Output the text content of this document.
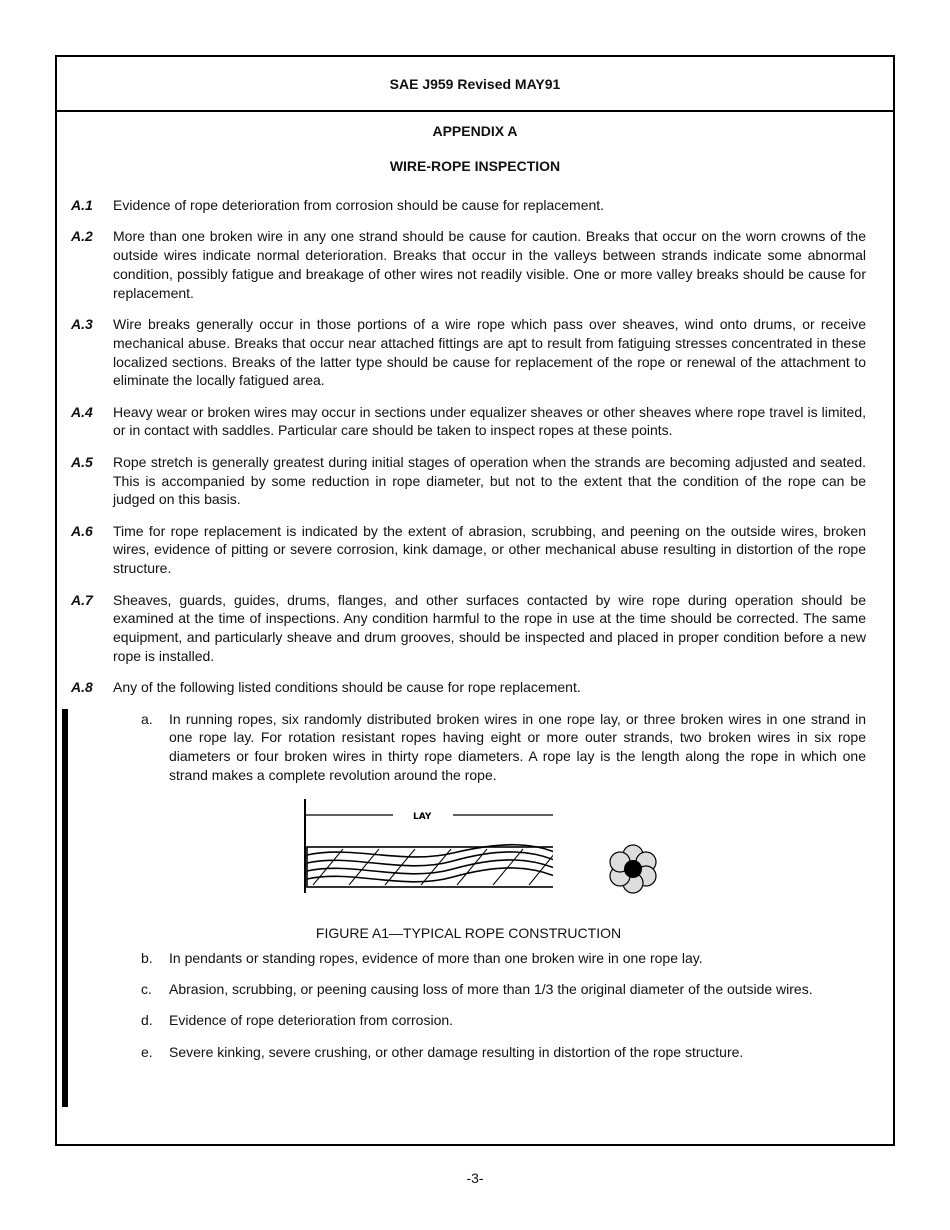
SAE J959 Revised MAY91
APPENDIX A
WIRE-ROPE INSPECTION
A.1	Evidence of rope deterioration from corrosion should be cause for replacement.
A.2	More than one broken wire in any one strand should be cause for caution. Breaks that occur on the worn crowns of the outside wires indicate normal deterioration. Breaks that occur in the valleys between strands indicate some abnormal condition, possibly fatigue and breakage of other wires not readily visible. One or more valley breaks should be cause for replacement.
A.3	Wire breaks generally occur in those portions of a wire rope which pass over sheaves, wind onto drums, or receive mechanical abuse. Breaks that occur near attached fittings are apt to result from fatiguing stresses concentrated in these localized sections. Breaks of the latter type should be cause for replacement of the rope or renewal of the attachment to eliminate the locally fatigued area.
A.4	Heavy wear or broken wires may occur in sections under equalizer sheaves or other sheaves where rope travel is limited, or in contact with saddles. Particular care should be taken to inspect ropes at these points.
A.5	Rope stretch is generally greatest during initial stages of operation when the strands are becoming adjusted and seated. This is accompanied by some reduction in rope diameter, but not to the extent that the condition of the rope can be judged on this basis.
A.6	Time for rope replacement is indicated by the extent of abrasion, scrubbing, and peening on the outside wires, broken wires, evidence of pitting or severe corrosion, kink damage, or other mechanical abuse resulting in distortion of the rope structure.
A.7	Sheaves, guards, guides, drums, flanges, and other surfaces contacted by wire rope during operation should be examined at the time of inspections. Any condition harmful to the rope in use at the time should be corrected. The same equipment, and particularly sheave and drum grooves, should be inspected and placed in proper condition before a new rope is installed.
A.8	Any of the following listed conditions should be cause for rope replacement.
a.	In running ropes, six randomly distributed broken wires in one rope lay, or three broken wires in one strand in one rope lay. For rotation resistant ropes having eight or more outer strands, two broken wires in six rope diameters or four broken wires in thirty rope diameters. A rope lay is the length along the rope in which one strand makes a complete revolution around the rope.
LAY
FIGURE A1—TYPICAL ROPE CONSTRUCTION
b.	In pendants or standing ropes, evidence of more than one broken wire in one rope lay.
c.	Abrasion, scrubbing, or peening causing loss of more than 1/3 the original diameter of the outside wires.
d.	Evidence of rope deterioration from corrosion.
e.	Severe kinking, severe crushing, or other damage resulting in distortion of the rope structure.
-3-
